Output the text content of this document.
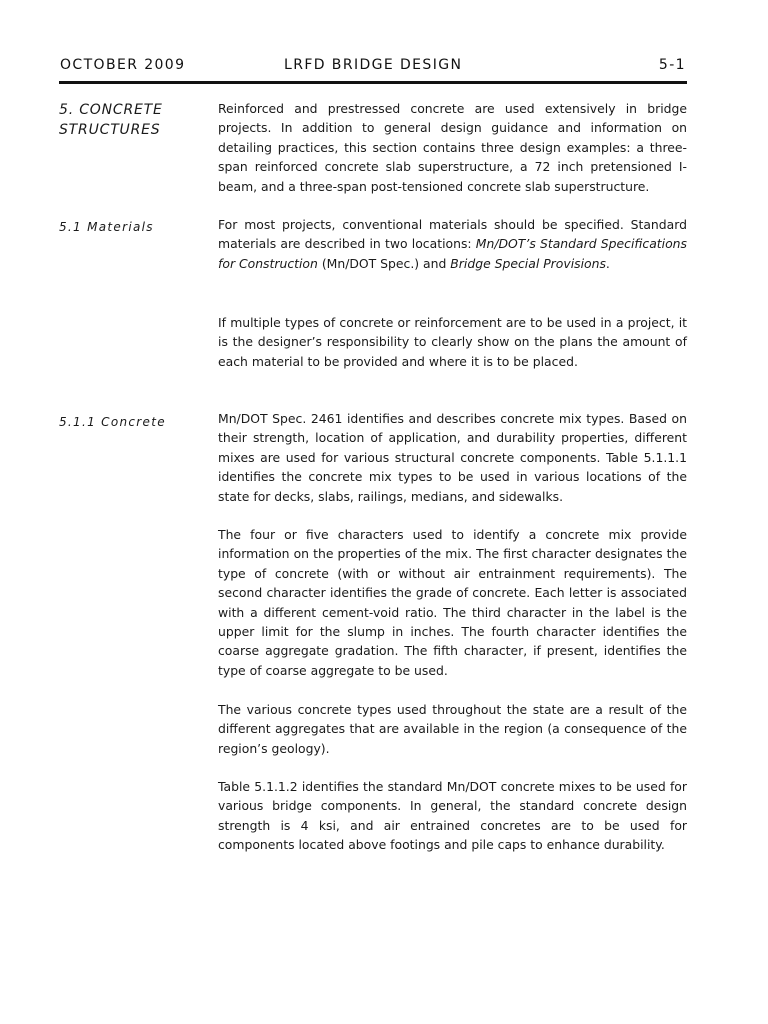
OCTOBER 2009	LRFD BRIDGE DESIGN	5-1
5. CONCRETE
STRUCTURES

Reinforced and prestressed concrete are used extensively in bridge projects. In addition to general design guidance and information on detailing practices, this section contains three design examples: a three-span reinforced concrete slab superstructure, a 72 inch pretensioned I-beam, and a three-span post-tensioned concrete slab superstructure.

5.1 Materials	For most projects, conventional materials should be specified. Standard materials are described in two locations: Mn/DOT’s Standard Specifications for Construction (Mn/DOT Spec.) and Bridge Special Provisions.

If multiple types of concrete or reinforcement are to be used in a project, it is the designer’s responsibility to clearly show on the plans the amount of each material to be provided and where it is to be placed.

5.1.1 Concrete	Mn/DOT Spec. 2461 identifies and describes concrete mix types. Based on their strength, location of application, and durability properties, different mixes are used for various structural concrete components. Table 5.1.1.1 identifies the concrete mix types to be used in various locations of the state for decks, slabs, railings, medians, and sidewalks.

The four or five characters used to identify a concrete mix provide information on the properties of the mix. The first character designates the type of concrete (with or without air entrainment requirements). The second character identifies the grade of concrete. Each letter is associated with a different cement-void ratio. The third character in the label is the upper limit for the slump in inches. The fourth character identifies the coarse aggregate gradation. The fifth character, if present, identifies the type of coarse aggregate to be used.

The various concrete types used throughout the state are a result of the different aggregates that are available in the region (a consequence of the region’s geology).

Table 5.1.1.2 identifies the standard Mn/DOT concrete mixes to be used for various bridge components. In general, the standard concrete design strength is 4 ksi, and air entrained concretes are to be used for components located above footings and pile caps to enhance durability.
